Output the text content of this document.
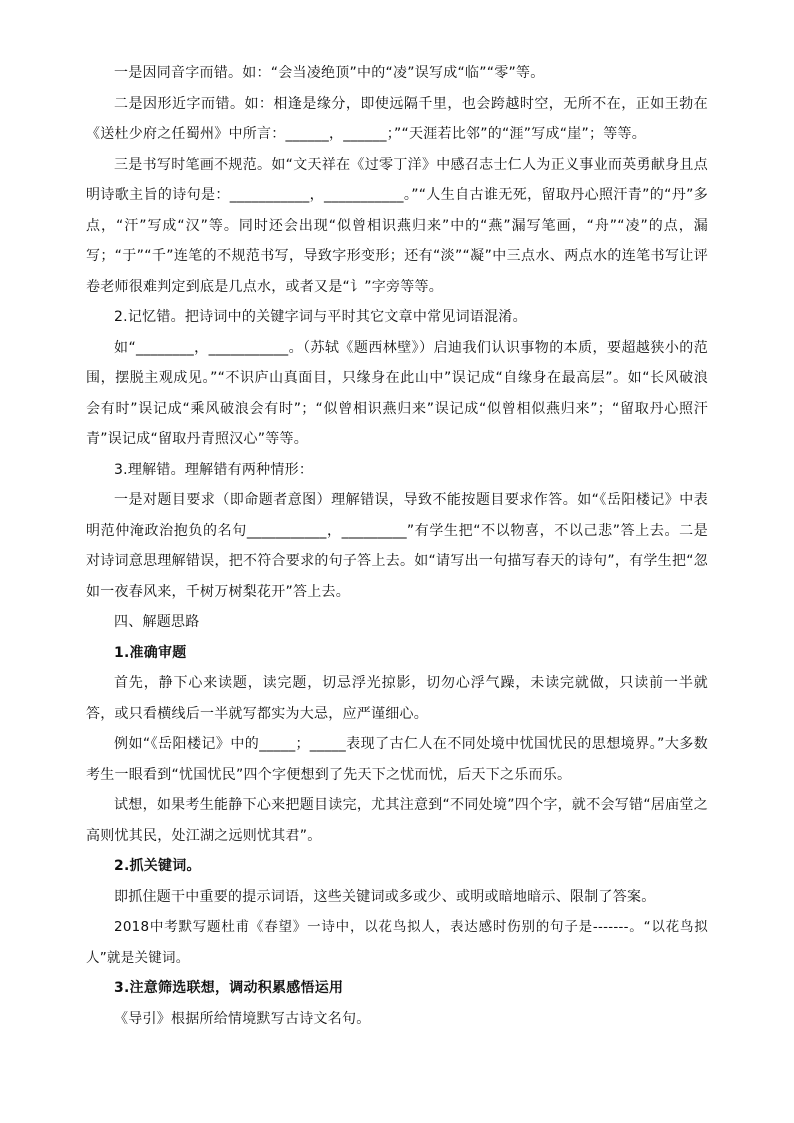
一是因同音字而错。如：“会当凌绝顶”中的“凌”误写成“临”“零”等。

二是因形近字而错。如：相逢是缘分，即使远隔千里，也会跨越时空，无所不在，正如王勃在《送杜少府之任蜀州》中所言：______，______；”“天涯若比邻”的“涯”写成“崖”；等等。

三是书写时笔画不规范。如“文天祥在《过零丁洋》中感召志士仁人为正义事业而英勇献身且点明诗歌主旨的诗句是：___________，___________。”“人生自古谁无死，留取丹心照汗青”的“丹”多点，“汗”写成“汉”等。同时还会出现“似曾相识燕归来”中的“燕”漏写笔画，“舟”“凌”的点，漏写；“于”“千”连笔的不规范书写，导致字形变形；还有“淡”“凝”中三点水、两点水的连笔书写让评卷老师很难判定到底是几点水，或者又是“讠”字旁等等。

2.记忆错。把诗词中的关键字词与平时其它文章中常见词语混淆。

如“________，___________。（苏轼《题西林壁》）启迪我们认识事物的本质，要超越狭小的范围，摆脱主观成见。”“不识庐山真面目，只缘身在此山中”误记成“自缘身在最高层”。如“长风破浪会有时”误记成“乘风破浪会有时”；“似曾相识燕归来”误记成“似曾相似燕归来”；“留取丹心照汗青”误记成“留取丹青照汉心”等等。

3.理解错。理解错有两种情形：

一是对题目要求（即命题者意图）理解错误，导致不能按题目要求作答。如“《岳阳楼记》中表明范仲淹政治抱负的名句___________，_________”有学生把“不以物喜，不以己悲”答上去。二是对诗词意思理解错误，把不符合要求的句子答上去。如“请写出一句描写春天的诗句”，有学生把“忽如一夜春风来，千树万树梨花开”答上去。

四、解题思路

1.准确审题

首先，静下心来读题，读完题，切忌浮光掠影，切勿心浮气躁，未读完就做，只读前一半就答，或只看横线后一半就写都实为大忌，应严谨细心。

例如“《岳阳楼记》中的_____；_____表现了古仁人在不同处境中忧国忧民的思想境界。”大多数考生一眼看到“忧国忧民”四个字便想到了先天下之忧而忧，后天下之乐而乐。

试想，如果考生能静下心来把题目读完，尤其注意到“不同处境”四个字，就不会写错“居庙堂之高则忧其民，处江湖之远则忧其君”。

2.抓关键词。

即抓住题干中重要的提示词语，这些关键词或多或少、或明或暗地暗示、限制了答案。

2018中考默写题杜甫《春望》一诗中，以花鸟拟人，表达感时伤别的句子是-------。“以花鸟拟人”就是关键词。

3.注意筛选联想，调动积累感悟运用

《导引》根据所给情境默写古诗文名句。
